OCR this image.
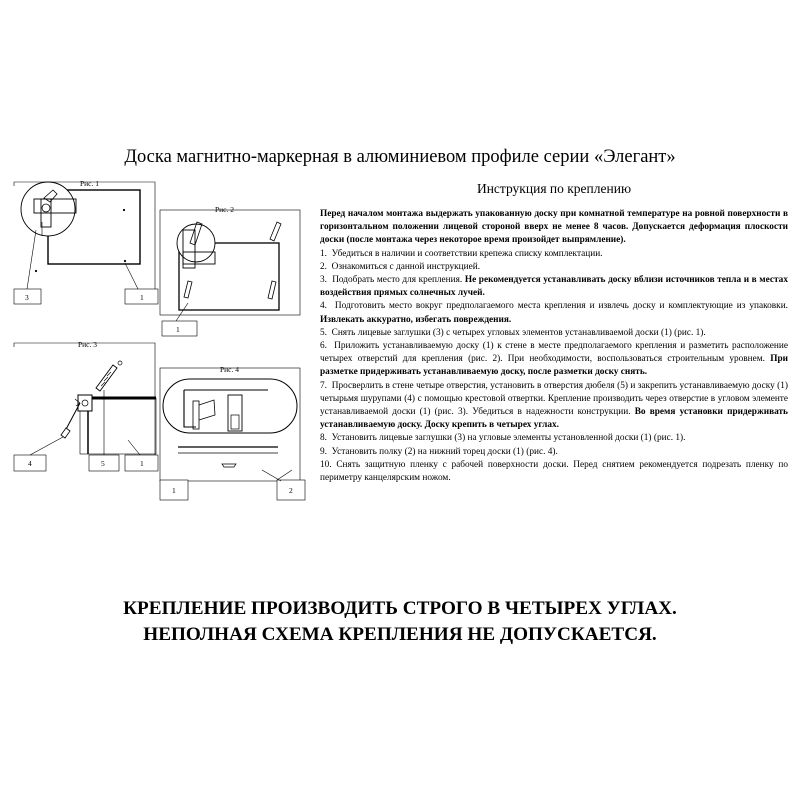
Доска магнитно-маркерная в алюминиевом профиле серии «Элегант»
Рис. 1
3	1
Рис. 2
1
Рис. 3
4	5	1
Рис. 4
1	2
Инструкция по креплению

Перед началом монтажа выдержать упакованную доску при комнатной температуре на ровной поверхности в горизонтальном положении лицевой стороной вверх не менее 8 часов. Допускается деформация плоскости доски (после монтажа через некоторое время произойдет выпрямление).

1.  Убедиться в наличии и соответствии крепежа списку комплектации.

2.  Ознакомиться с данной инструкцией.

3.  Подобрать место для крепления. Не рекомендуется устанавливать доску вблизи источников тепла и в местах воздействия прямых солнечных лучей.

4.  Подготовить место вокруг предполагаемого места крепления и извлечь доску и комплектующие из упаковки. Извлекать аккуратно, избегать повреждения.

5.  Снять лицевые заглушки (3) с четырех угловых элементов устанавливаемой доски (1) (рис. 1).

6.  Приложить устанавливаемую доску (1) к стене в месте предполагаемого крепления и разметить расположение четырех отверстий для крепления (рис. 2). При необходимости, воспользоваться строительным уровнем. При разметке придерживать устанавливаемую доску, после разметки доску снять.

7.  Просверлить в стене четыре отверстия, установить в отверстия дюбеля (5) и закрепить устанавливаемую доску (1) четырьмя шурупами (4) с помощью крестовой отвертки. Крепление производить через отверстие в угловом элементе устанавливаемой доски (1) (рис. 3). Убедиться в надежности конструкции. Во время установки придерживать устанавливаемую доску. Доску крепить в четырех углах.

8.  Установить лицевые заглушки (3) на угловые элементы установленной доски (1) (рис. 1).

9.  Установить полку (2) на нижний торец доски (1) (рис. 4).

10. Снять защитную пленку с рабочей поверхности доски. Перед снятием рекомендуется подрезать пленку по периметру канцелярским ножом.

КРЕПЛЕНИЕ ПРОИЗВОДИТЬ СТРОГО В ЧЕТЫРЕХ УГЛАХ.
НЕПОЛНАЯ СХЕМА КРЕПЛЕНИЯ НЕ ДОПУСКАЕТСЯ.
